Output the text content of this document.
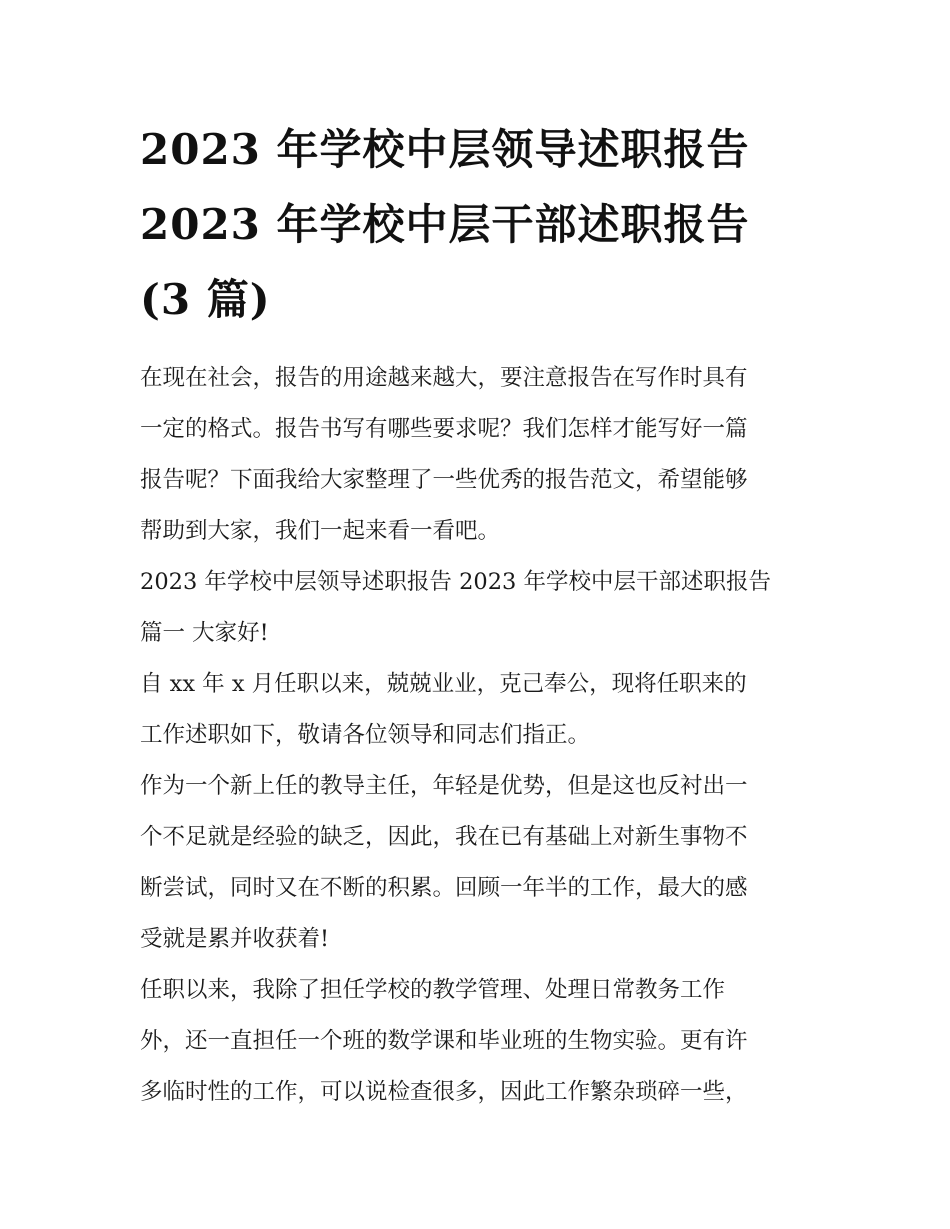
2023 年学校中层领导述职报告
2023 年学校中层干部述职报告
(3 篇)

在现在社会，报告的用途越来越大，要注意报告在写作时具有
一定的格式。报告书写有哪些要求呢？我们怎样才能写好一篇
报告呢？下面我给大家整理了一些优秀的报告范文，希望能够
帮助到大家，我们一起来看一看吧。

2023 年学校中层领导述职报告 2023 年学校中层干部述职报告
篇一 大家好!

自 xx 年 x 月任职以来，兢兢业业，克己奉公，现将任职来的
工作述职如下，敬请各位领导和同志们指正。

作为一个新上任的教导主任，年轻是优势，但是这也反衬出一
个不足就是经验的缺乏，因此，我在已有基础上对新生事物不
断尝试，同时又在不断的积累。回顾一年半的工作，最大的感
受就是累并收获着!

任职以来，我除了担任学校的教学管理、处理日常教务工作
外，还一直担任一个班的数学课和毕业班的生物实验。更有许
多临时性的工作，可以说检查很多，因此工作繁杂琐碎一些，
